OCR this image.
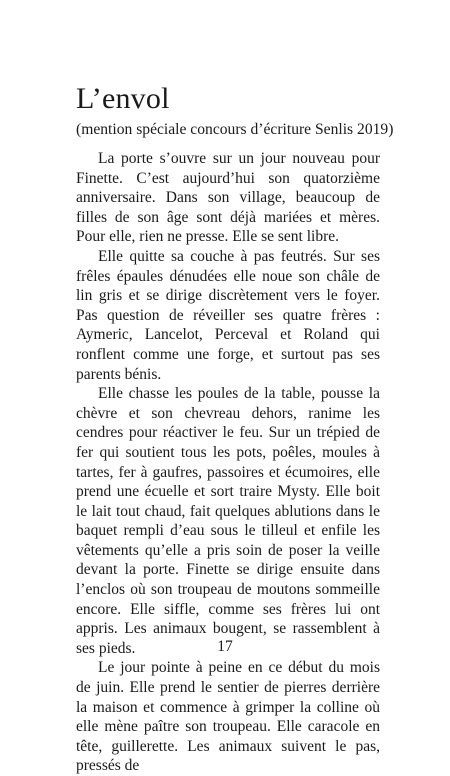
L’envol

(mention spéciale concours d’écriture Senlis 2019)

La porte s’ouvre sur un jour nouveau pour Finette. C’est aujourd’hui son quatorzième anniversaire. Dans son village, beaucoup de filles de son âge sont déjà mariées et mères. Pour elle, rien ne presse. Elle se sent libre.

Elle quitte sa couche à pas feutrés. Sur ses frêles épaules dénudées elle noue son châle de lin gris et se dirige discrètement vers le foyer. Pas question de réveiller ses quatre frères : Aymeric, Lancelot, Perceval et Roland qui ronflent comme une forge, et surtout pas ses parents bénis.

Elle chasse les poules de la table, pousse la chèvre et son chevreau dehors, ranime les cendres pour réactiver le feu. Sur un trépied de fer qui soutient tous les pots, poêles, moules à tartes, fer à gaufres, passoires et écumoires, elle prend une écuelle et sort traire Mysty. Elle boit le lait tout chaud, fait quelques ablutions dans le baquet rempli d’eau sous le tilleul et enfile les vêtements qu’elle a pris soin de poser la veille devant la porte. Finette se dirige ensuite dans l’enclos où son troupeau de moutons sommeille encore. Elle siffle, comme ses frères lui ont appris. Les animaux bougent, se rassemblent à ses pieds.

Le jour pointe à peine en ce début du mois de juin. Elle prend le sentier de pierres derrière la maison et commence à grimper la colline où elle mène paître son troupeau. Elle caracole en tête, guillerette. Les animaux suivent le pas, pressés de

17
